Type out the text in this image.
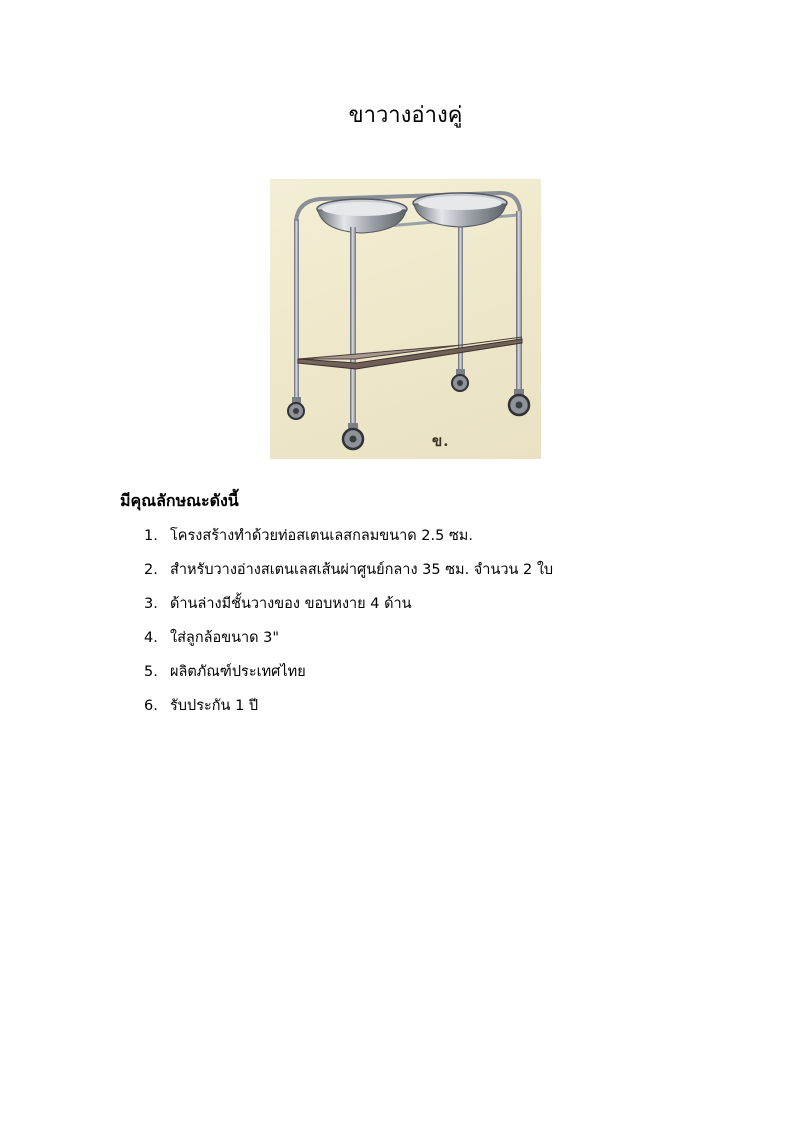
ขาวางอ่างคู่
ข.
มีคุณลักษณะดังนี้
1. โครงสร้างทำด้วยท่อสเตนเลสกลมขนาด 2.5 ซม.
2. สำหรับวางอ่างสเตนเลสเส้นผ่าศูนย์กลาง 35 ซม. จำนวน 2 ใบ
3. ด้านล่างมีชั้นวางของ ขอบหงาย 4 ด้าน
4. ใส่ลูกล้อขนาด 3"
5. ผลิตภัณฑ์ประเทศไทย
6. รับประกัน 1 ปี
